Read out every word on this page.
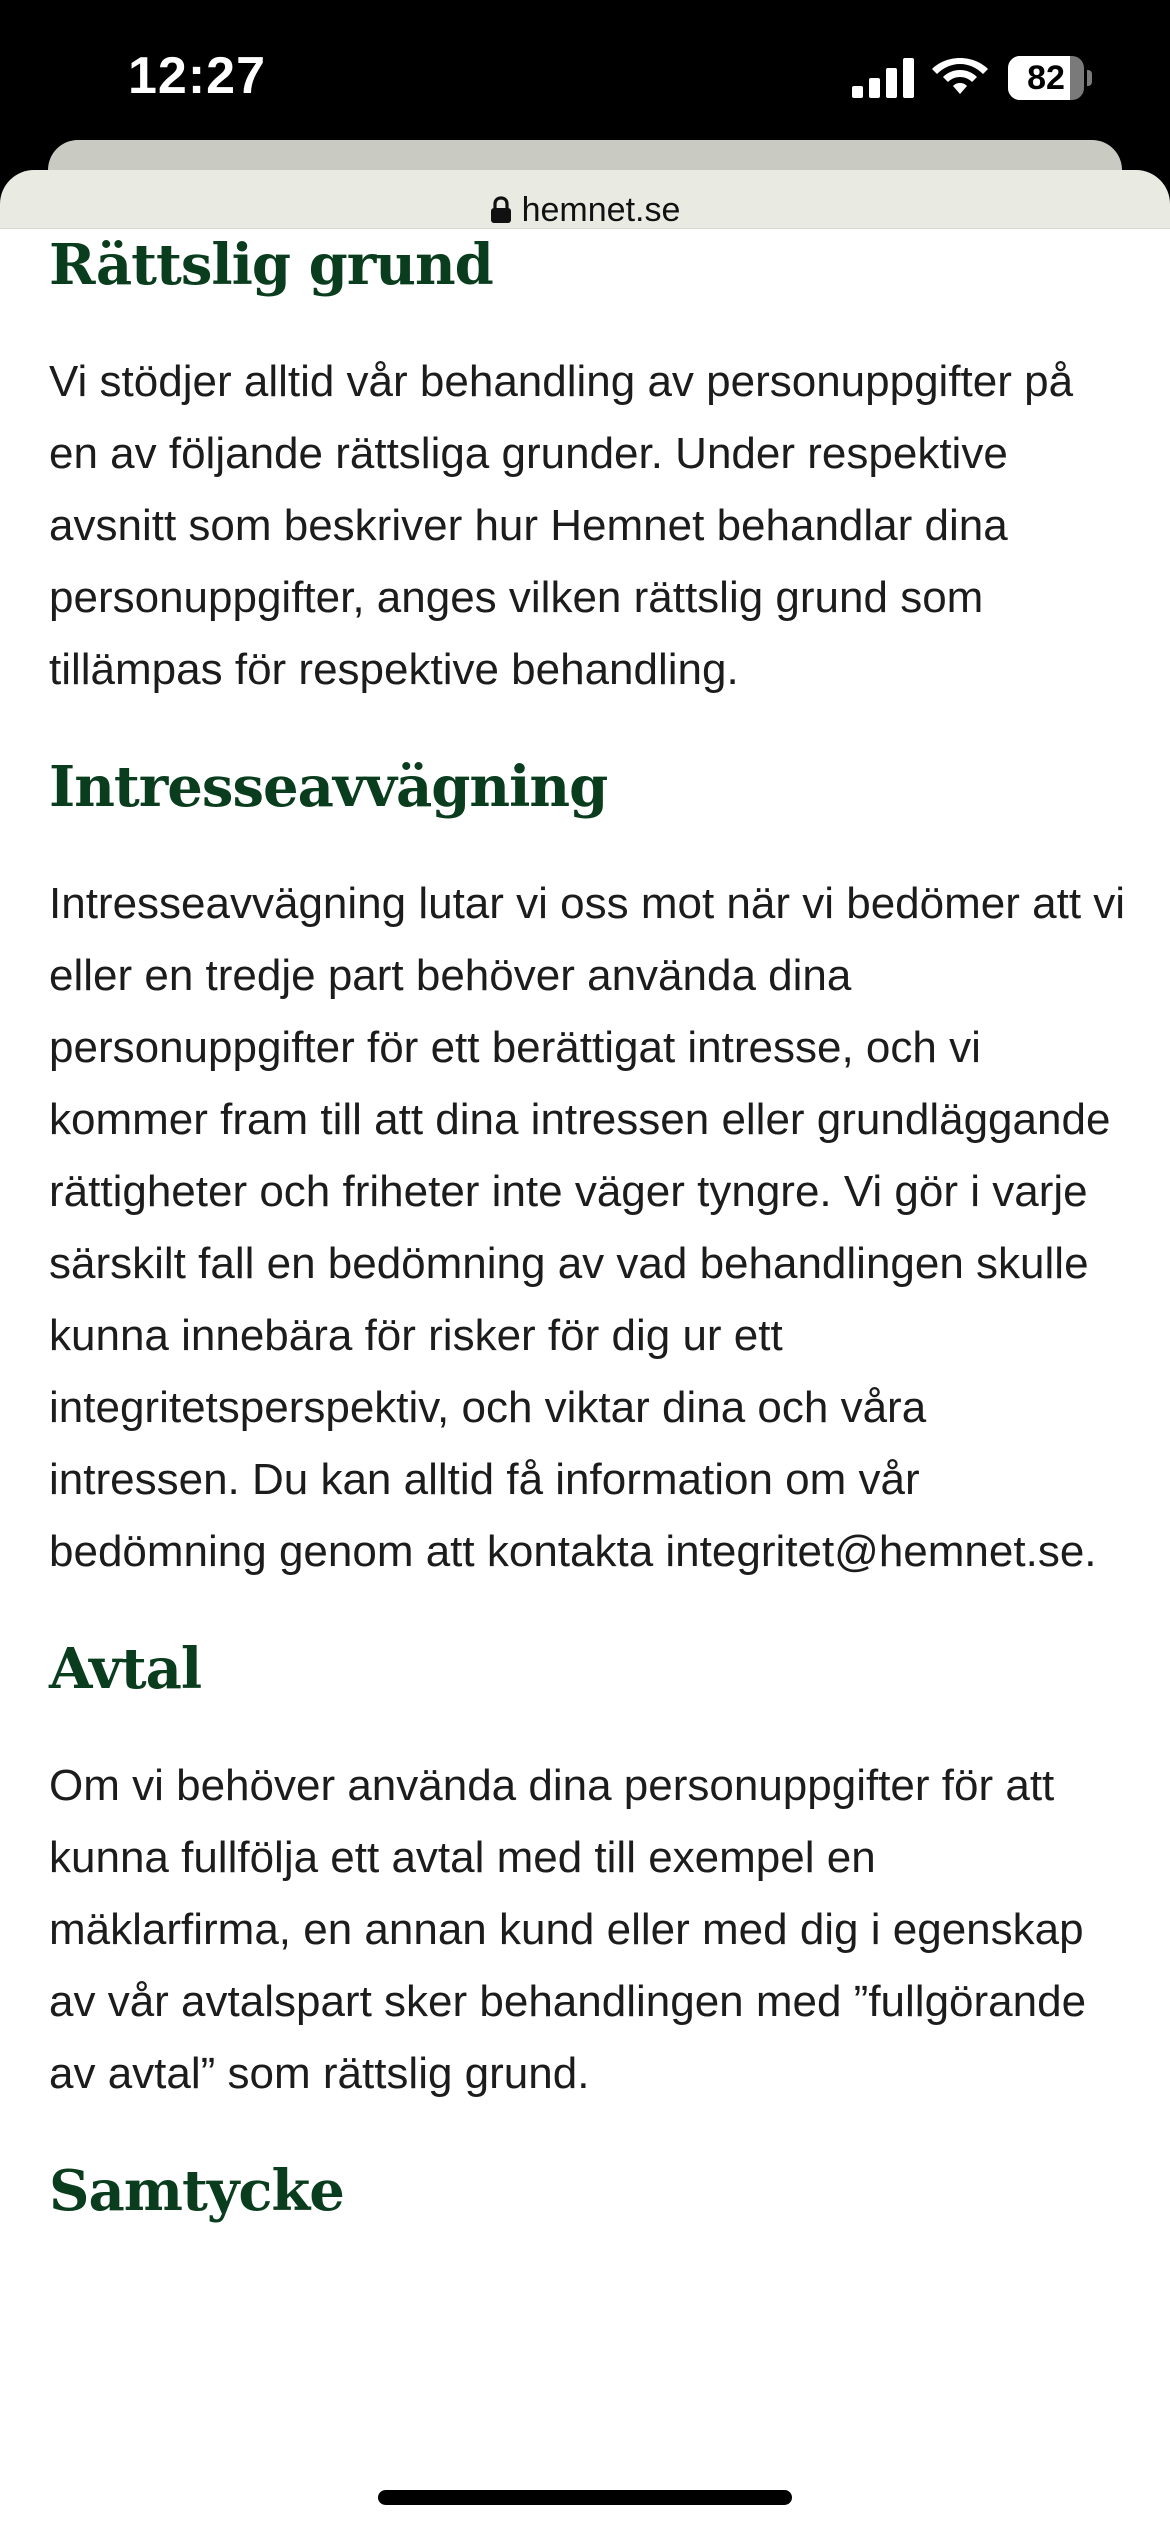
12:27	82
hemnet.se
Rättslig grund

Vi stödjer alltid vår behandling av personuppgifter på en av följande rättsliga grunder. Under respektive avsnitt som beskriver hur Hemnet behandlar dina personuppgifter, anges vilken rättslig grund som tillämpas för respektive behandling.

Intresseavvägning

Intresseavvägning lutar vi oss mot när vi bedömer att vi eller en tredje part behöver använda dina personuppgifter för ett berättigat intresse, och vi kommer fram till att dina intressen eller grundläggande rättigheter och friheter inte väger tyngre. Vi gör i varje särskilt fall en bedömning av vad behandlingen skulle kunna innebära för risker för dig ur ett integritetsperspektiv, och viktar dina och våra intressen. Du kan alltid få information om vår bedömning genom att kontakta integritet@hemnet.se.

Avtal

Om vi behöver använda dina personuppgifter för att kunna fullfölja ett avtal med till exempel en mäklarfirma, en annan kund eller med dig i egenskap av vår avtalspart sker behandlingen med ”fullgörande av avtal” som rättslig grund.

Samtycke
